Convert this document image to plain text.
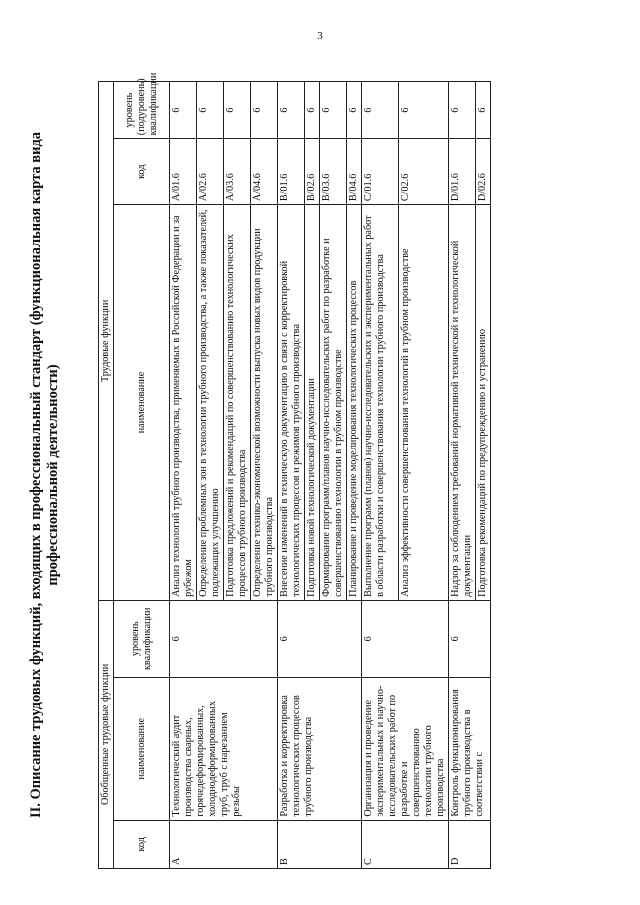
3
II. Описание трудовых функций, входящих в профессиональный стандарт (функциональная карта вида профессиональной деятельности)
Обобщенные трудовые функции			Трудовые функции		
код	наименование	уровень квалификации	наименование	код	уровень (подуровень) квалификации
A	Технологический аудит производства сварных, горячедеформированных, холоднодеформированных труб, труб с нарезанием резьбы	6	Анализ технологий трубного производства, применяемых в Российской Федерации и за рубежом	A/01.6	6
			Определение проблемных зон в технологии трубного производства, а также показателей, подлежащих улучшению	A/02.6	6
			Подготовка предложений и рекомендаций по совершенствованию технологических процессов трубного производства	A/03.6	6
			Определение технико-экономической возможности выпуска новых видов продукции трубного производства	A/04.6	6
B	Разработка и корректировка технологических процессов трубного производства	6	Внесение изменений в техническую документацию в связи с корректировкой технологических процессов и режимов трубного производства	B/01.6	6
			Подготовка новой технологической документации	B/02.6	6
			Формирование программ/планов научно-исследовательских работ по разработке и совершенствованию технологии в трубном производстве	B/03.6	6
			Планирование и проведение моделирования технологических процессов	B/04.6	6
C	Организация и проведение экспериментальных и научно-исследовательских работ по разработке и совершенствованию технологии трубного производства	6	Выполнение программ (планов) научно-исследовательских и экспериментальных работ в области разработки и совершенствования технологии трубного производства	C/01.6	6
			Анализ эффективности совершенствования технологий в трубном производстве	C/02.6	6
D	Контроль функционирования трубного производства в соответствии с	6	Надзор за соблюдением требований нормативной технической и технологической документации	D/01.6	6
			Подготовка рекомендаций по предупреждению и устранению	D/02.6	6
